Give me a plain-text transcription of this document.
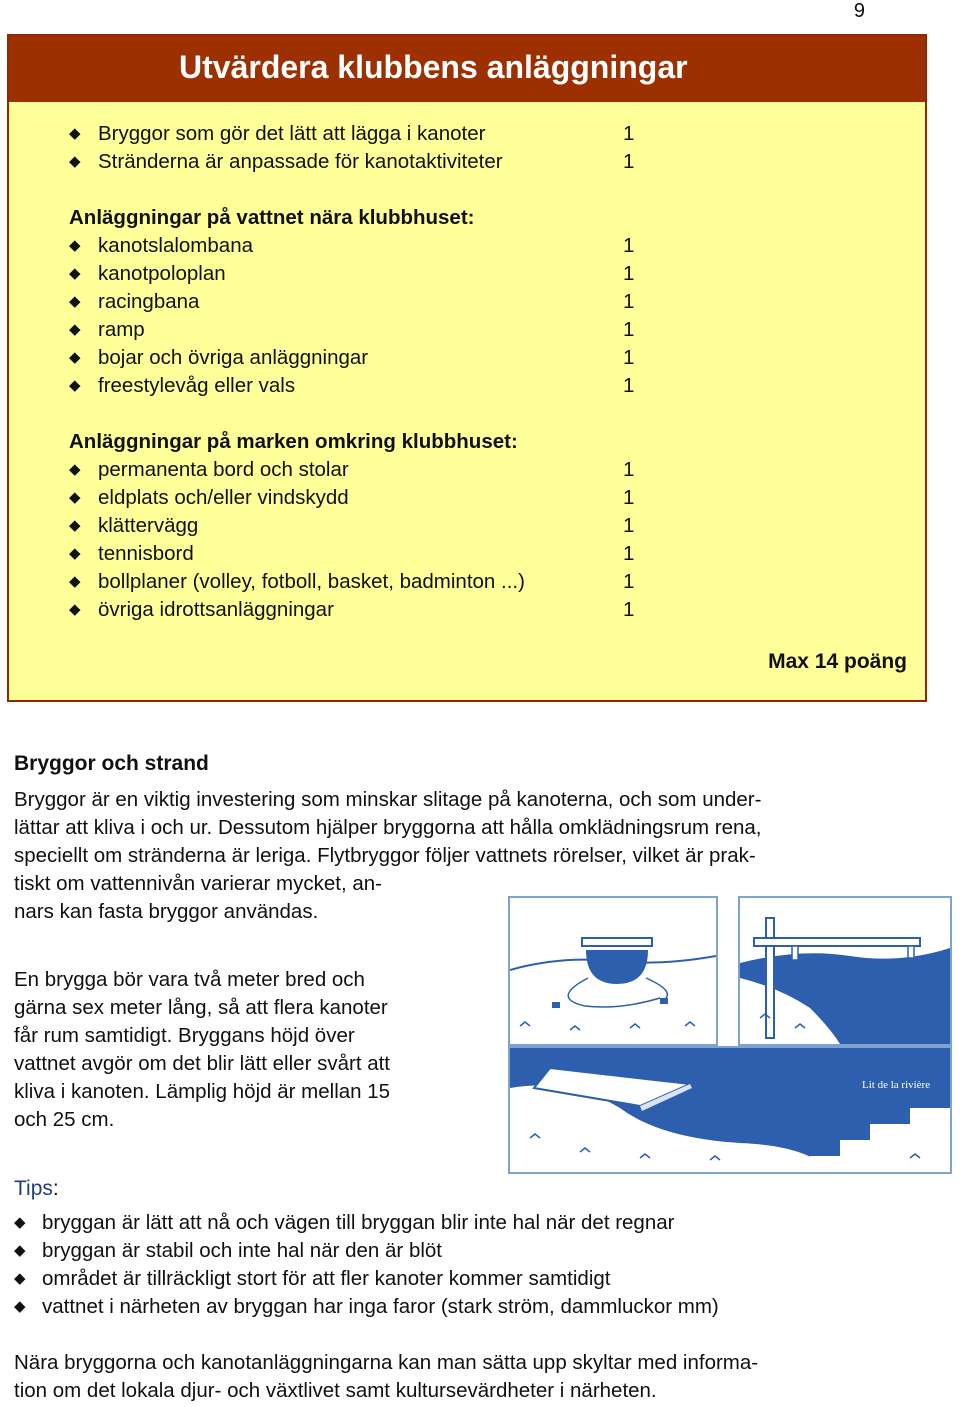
9
Utvärdera klubbens anläggningar
◆ Bryggor som gör det lätt att lägga i kanoter	1
◆ Stränderna är anpassade för kanotaktiviteter	1
Anläggningar på vattnet nära klubbhuset:
◆ kanotslalombana	1
◆ kanotpoloplan	1
◆ racingbana	1
◆ ramp	1
◆ bojar och övriga anläggningar	1
◆ freestylevåg eller vals	1
Anläggningar på marken omkring klubbhuset:
◆ permanenta bord och stolar	1
◆ eldplats och/eller vindskydd	1
◆ klättervägg	1
◆ tennisbord	1
◆ bollplaner (volley, fotboll, basket, badminton ...)	1
◆ övriga idrottsanläggningar	1
Max 14 poäng
Bryggor och strand
Bryggor är en viktig investering som minskar slitage på kanoterna, och som under-
lättar att kliva i och ur. Dessutom hjälper bryggorna att hålla omklädningsrum rena,
speciellt om stränderna är leriga. Flytbryggor följer vattnets rörelser, vilket är prak-
tiskt om vattennivån varierar mycket, an-
nars kan fasta bryggor användas.
En brygga bör vara två meter bred och
gärna sex meter lång, så att flera kanoter
får rum samtidigt. Bryggans höjd över
vattnet avgör om det blir lätt eller svårt att
kliva i kanoten. Lämplig höjd är mellan 15
och 25 cm.
Lit de la rivière
Tips:
◆ bryggan är lätt att nå och vägen till bryggan blir inte hal när det regnar
◆ bryggan är stabil och inte hal när den är blöt
◆ området är tillräckligt stort för att fler kanoter kommer samtidigt
◆ vattnet i närheten av bryggan har inga faror (stark ström, dammluckor mm)
Nära bryggorna och kanotanläggningarna kan man sätta upp skyltar med informa-
tion om det lokala djur- och växtlivet samt kultursevärdheter i närheten.
